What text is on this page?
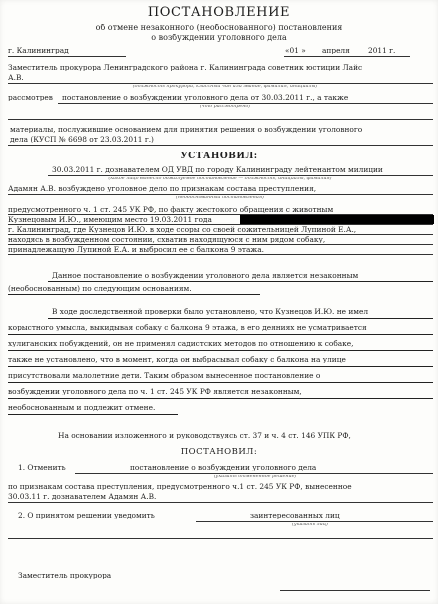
ПОСТАНОВЛЕНИЕ
об отмене незаконного (необоснованного) постановления
о возбуждении уголовного дела
г. Калининград	«01 » апреля 2011 г.
Заместитель прокурора Ленинградского района г. Калининграда советник юстиции Лайс
А.В.
(должность прокурора, классный чин или звание, фамилия, инициалы)
рассмотрев постановление о возбуждении уголовного дела от 30.03.2011 г., а также
(что рассмотрено)
материалы, послужившие основанием для принятия решения о возбуждении уголовного
дела (КУСП № 6698 от 23.03.2011 г.)
УСТАНОВИЛ:
30.03.2011 г. дознавателем ОД УВД по городу Калининграду лейтенантом милиции
(какое лицо вынесло обжалуемое постановление — должность, инициалы, фамилия)
Адамян А.В. возбуждено уголовное дело по признакам состава преступления,
(необоснованный постановления)
предусмотренного ч. 1 ст. 245 УК РФ, по факту жестокого обращения с животным
Кузнецовым И.Ю., имеющим место 19.03.2011 года
г. Калининград, где Кузнецов И.Ю. в ходе ссоры со своей сожительницей Лупиной Е.А.,
находясь в возбужденном состоянии, схватив находящуюся с ним рядом собаку,
принадлежащую Лупиной Е.А. и выбросил ее с балкона 9 этажа.
Данное постановление о возбуждении уголовного дела является незаконным
(необоснованным) по следующим основаниям.
В ходе доследственной проверки было установлено, что Кузнецов И.Ю. не имел
корыстного умысла, выкидывая собаку с балкона 9 этажа, в его деяниях не усматривается
хулиганских побуждений, он не применял садистских методов по отношению к собаке,
также не установлено, что в момент, когда он выбрасывал собаку с балкона на улице
присутствовали малолетние дети. Таким образом вынесенное постановление о
возбуждении уголовного дела по ч. 1 ст. 245 УК РФ является незаконным,
необоснованным и подлежит отмене.
На основании изложенного и руководствуясь ст. 37 и ч. 4 ст. 146 УПК РФ,
ПОСТАНОВИЛ:
1. Отменить	постановление о возбуждении уголовного дела
(указать отмененное решение)
по признакам состава преступления, предусмотренного ч.1 ст. 245 УК РФ, вынесенное
30.03.11 г. дознавателем Адамян А.В.
2. О принятом решении уведомить	заинтересованных лиц
(указать лиц)
Заместитель прокурора
